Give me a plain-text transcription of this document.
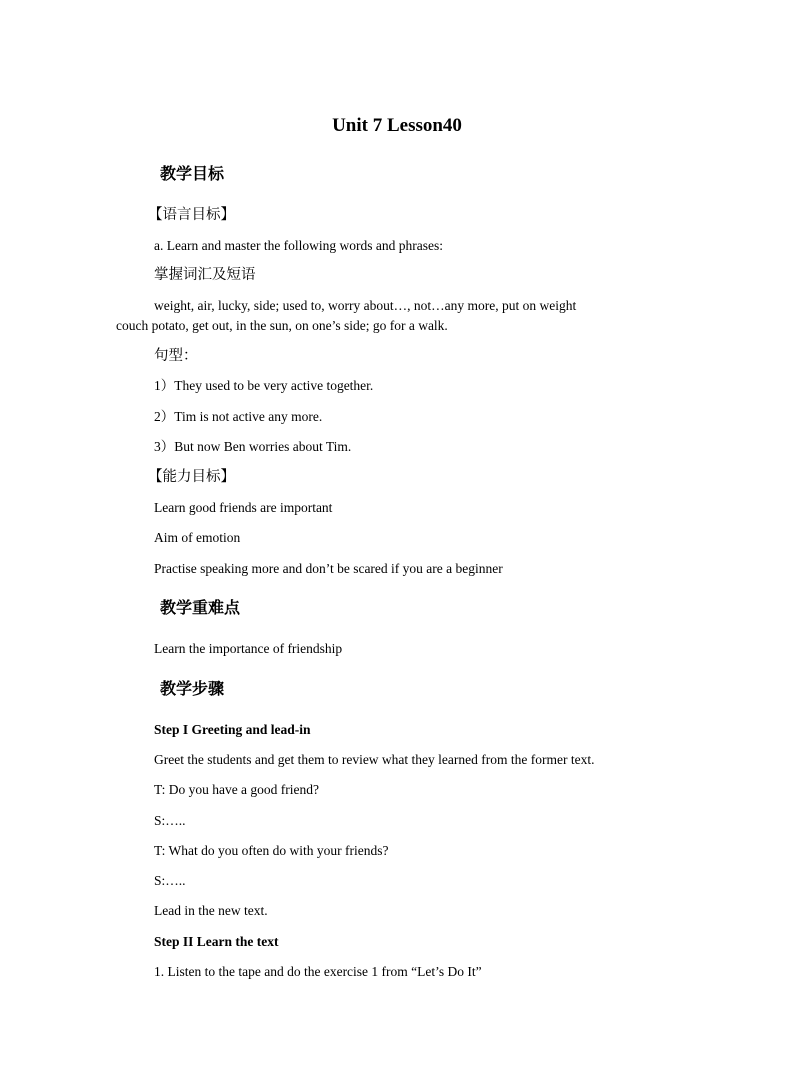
Unit 7 Lesson40
教学目标
【语言目标】
a. Learn and master the following words and phrases:
掌握词汇及短语
weight, air, lucky, side; used to, worry about…, not…any more, put on weight
couch potato, get out, in the sun, on one’s side; go for a walk.
句型：
1）They used to be very active together.
2）Tim is not active any more.
3）But now Ben worries about Tim.
【能力目标】
Learn good friends are important
Aim of emotion
Practise speaking more and don’t be scared if you are a beginner
教学重难点
Learn the importance of friendship
教学步骤
Step I Greeting and lead-in
Greet the students and get them to review what they learned from the former text.
T: Do you have a good friend?
S:…..
T: What do you often do with your friends?
S:…..
Lead in the new text.
Step II Learn the text
1. Listen to the tape and do the exercise 1 from “Let’s Do It”
